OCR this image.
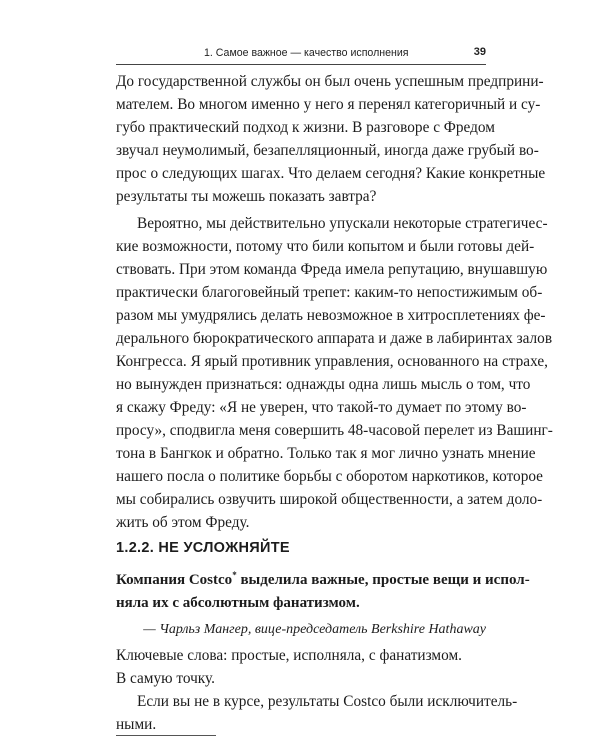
1. Самое важное — качество исполнения	39
До государственной службы он был очень успешным предприни-
мателем. Во многом именно у него я перенял категоричный и су-
губо практический подход к жизни. В разговоре с Фредом
звучал неумолимый, безапелляционный, иногда даже грубый во-
прос о следующих шагах. Что делаем сегодня? Какие конкретные
результаты ты можешь показать завтра?
Вероятно, мы действительно упускали некоторые стратегичес-
кие возможности, потому что били копытом и были готовы дей-
ствовать. При этом команда Фреда имела репутацию, внушавшую
практически благоговейный трепет: каким-то непостижимым об-
разом мы умудрялись делать невозможное в хитросплетениях фе-
дерального бюрократического аппарата и даже в лабиринтах залов
Конгресса. Я ярый противник управления, основанного на страхе,
но вынужден признаться: однажды одна лишь мысль о том, что
я скажу Фреду: «Я не уверен, что такой-то думает по этому во-
просу», сподвигла меня совершить 48-часовой перелет из Вашинг-
тона в Бангкок и обратно. Только так я мог лично узнать мнение
нашего посла о политике борьбы с оборотом наркотиков, которое
мы собирались озвучить широкой общественности, а затем доло-
жить об этом Фреду.
1.2.2. НЕ УСЛОЖНЯЙТЕ
Компания Costco* выделила важные, простые вещи и испол-
няла их с абсолютным фанатизмом.
— Чарльз Мангер, вице-председатель Berkshire Hathaway
Ключевые слова: простые, исполняла, с фанатизмом.
В самую точку.
Если вы не в курсе, результаты Costco были исключитель-
ными.
